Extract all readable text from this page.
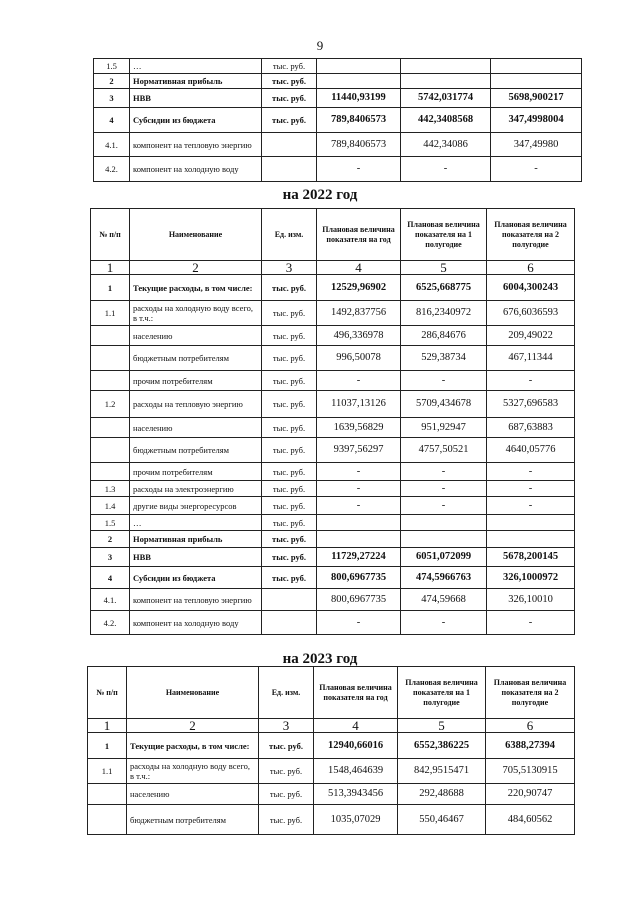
9
1.5	…	тыс. руб.			
2	Нормативная прибыль	тыс. руб.			
3	НВВ	тыс. руб.	11440,93199	5742,031774	5698,900217
4	Субсидии из бюджета	тыс. руб.	789,8406573	442,3408568	347,4998004
4.1.	компонент на тепловую энергию		789,8406573	442,34086	347,49980
4.2.	компонент на холодную воду		-	-	-
на 2022 год
№ п/п	Наименование	Ед. изм.	Плановая величина показателя на год	Плановая величина показателя на 1 полугодие	Плановая величина показателя на 2 полугодие
1	2	3	4	5	6
1	Текущие расходы, в том числе:	тыс. руб.	12529,96902	6525,668775	6004,300243
1.1	расходы на холодную воду всего, в т.ч.:	тыс. руб.	1492,837756	816,2340972	676,6036593
	населению	тыс. руб.	496,336978	286,84676	209,49022
	бюджетным потребителям	тыс. руб.	996,50078	529,38734	467,11344
	прочим потребителям	тыс. руб.	-	-	-
1.2	расходы на тепловую энергию	тыс. руб.	11037,13126	5709,434678	5327,696583
	населению	тыс. руб.	1639,56829	951,92947	687,63883
	бюджетным потребителям	тыс. руб.	9397,56297	4757,50521	4640,05776
	прочим потребителям	тыс. руб.	-	-	-
1.3	расходы на электроэнергию	тыс. руб.	-	-	-
1.4	другие виды энергоресурсов	тыс. руб.	-	-	-
1.5	…	тыс. руб.			
2	Нормативная прибыль	тыс. руб.			
3	НВВ	тыс. руб.	11729,27224	6051,072099	5678,200145
4	Субсидии из бюджета	тыс. руб.	800,6967735	474,5966763	326,1000972
4.1.	компонент на тепловую энергию		800,6967735	474,59668	326,10010
4.2.	компонент на холодную воду		-	-	-
на 2023 год
№ п/п	Наименование	Ед. изм.	Плановая величина показателя на год	Плановая величина показателя на 1 полугодие	Плановая величина показателя на 2 полугодие
1	2	3	4	5	6
1	Текущие расходы, в том числе:	тыс. руб.	12940,66016	6552,386225	6388,27394
1.1	расходы на холодную воду всего, в т.ч.:	тыс. руб.	1548,464639	842,9515471	705,5130915
	населению	тыс. руб.	513,3943456	292,48688	220,90747
	бюджетным потребителям	тыс. руб.	1035,07029	550,46467	484,60562
